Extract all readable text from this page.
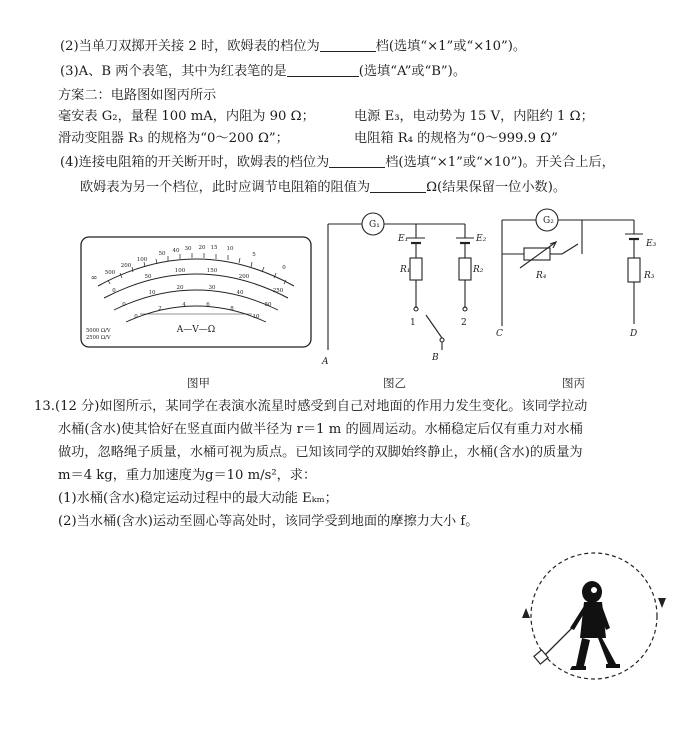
(2)当单刀双掷开关接 2 时，欧姆表的档位为	档(选填“×1”或“×10”)。
(3)A、B 两个表笔，其中为红表笔的是	(选填“A”或“B”)。
方案二：电路图如图丙所示
毫安表 G₂，量程 100 mA，内阻为 90 Ω；	电源 E₃，电动势为 15 V，内阻约 1 Ω；
滑动变阻器 R₃ 的规格为“0～200 Ω”；	电阻箱 R₄ 的规格为“0～999.9 Ω”
(4)连接电阻箱的开关断开时，欧姆表的档位为	档(选填“×1”或“×10”)。开关合上后，
欧姆表为另一个档位，此时应调节电阻箱的阻值为	Ω(结果保留一位小数)。
∞ 500
200
100
50 40 30 20 15 10
5
0
0
50
100	150
200
250
0
10
20	30
40
50
0
2
4	6
8
10
5000 Ω/V
2500 Ω/V
A—V—Ω
图甲
G₁
E₁
R₁
E₂
R₂
1	2
A	B
图乙
G₂
R₄
E₃
R₃
C	D
图丙
13.(12 分)如图所示，某同学在表演水流星时感受到自己对地面的作用力发生变化。该同学拉动
水桶(含水)使其恰好在竖直面内做半径为 r＝1 m 的圆周运动。水桶稳定后仅有重力对水桶
做功，忽略绳子质量，水桶可视为质点。已知该同学的双脚始终静止，水桶(含水)的质量为
m＝4 kg，重力加速度为g＝10 m/s²，求：
(1)水桶(含水)稳定运动过程中的最大动能 Eₖₘ；
(2)当水桶(含水)运动至圆心等高处时，该同学受到地面的摩擦力大小 f。
